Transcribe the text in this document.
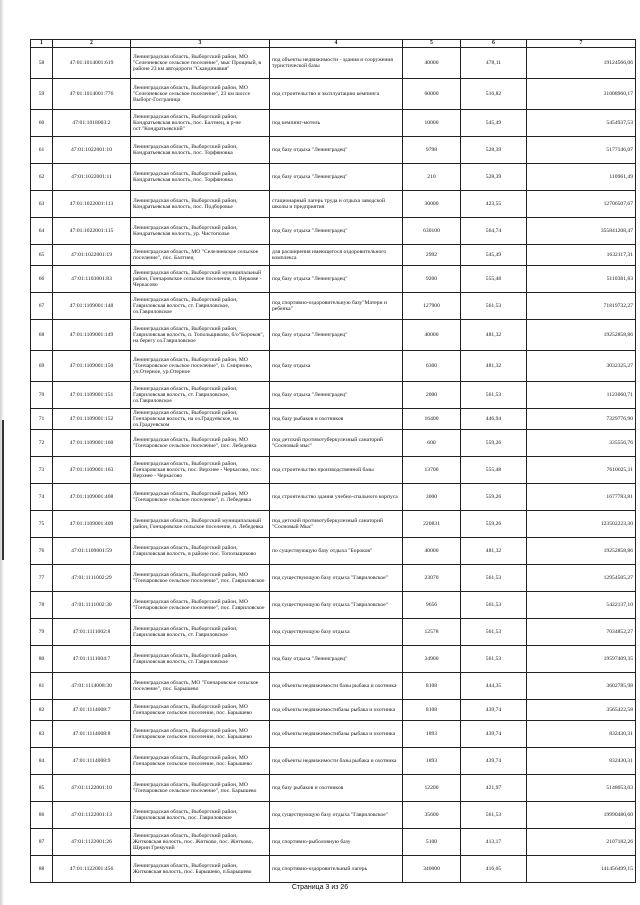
1	2	3	4	5	6	7
58	47:01:1014001:619	Ленинградская область, Выборгский район, МО "Селезневское сельское поселение", мыс Прощный, в районе 23 км автодороги "Скандинавия"	под объекты недвижимости - здания и сооружения туристической базы	40000	478,11	19124566,06
59	47:01:1014001:776	Ленинградская область, Выборгский район, МО "Селезневское сельское поселение", 23 км шоссе Выборг-Госграница	под строительство и эксплуатацию кемпинга	60000	516,82	31008960,17
60	47:01:1018003:2	Ленинградская область, Выборгский район, Кондратьевская волость, пос. Балтиец, в р-не ост."Кондратьевский"	под кемпинг-мотель	10000	545,49	5454937,53
61	47:01:1022001:10	Ленинградская область, Выборгский район, Кондратьевская волость, пос. Торфяновка	под базу отдыха "Ленинградец"	9798	528,39	5177146,07
62	47:01:1022001:11	Ленинградская область, Выборгский район, Кондратьевская волость, пос. Торфяновка	под базу отдыха "Ленинградец"	210	528,39	110961,49
63	47:01:1022001:113	Ленинградская область, Выборгский район, Кондратьевская волость, пос. Подборовье	стационарный лагерь труда и отдыха заводской школы и предприятия	30000	423,55	12706507,67
64	47:01:1022001:115	Ленинградская область, Выборгский район, Кондратьевская волость, ур. Чистополье	под базу отдыха "Ленинградец"	630100	564,74	355841208,47
65	47:01:1022001:19	Ленинградская область, МО "Селезневское сельское поселение", пос. Балтиец	для расширения имеющегося оздоровительного комплекса	2992	545,49	1632117,31
66	47:01:1103001:83	Ленинградская область, Выборгский муниципальный район, Гончаровское сельское поселение, п. Веркове - Черкасово	под базу отдыха "Ленинградец"	9200	555,48	5110381,83
67	47:01:1109001:148	Ленинградская область, Выборгский район, Гавриловская волость, ст. Гавриловское, оз.Гавриловское	под спортивно-оздоровительную базу"Матери и ребенка"	127900	561,53	71819732,27
68	47:01:1109001:149	Ленинградская область, Выборгский район, Гавриловская волость, п. Топольщиково, б/о"Бороков", на берегу оз.Гавриловское	под базу отдыха "Ленинградец"	40000	481,32	19252858,86
69	47:01:1109001:150	Ленинградская область, Выборгский район, МО "Гончаровское сельское поселение", п. Смирново, уч.Отерное, ур.Отерное	под базу отдыха	6300	481,32	3032325,27
70	47:01:1109001:151	Ленинградская область, Выборгский район, Гавриловская волость, ст. Гавриловское, оз.Гавриловское	под базу отдыха "Ленинградец"	2000	561,53	1123060,71
71	47:01:1109001:152	Ленинградская область, Выборгский район, Гончаровская волость, на оз.Градуевское, на оз.Градуевском	под базу рыбаков и охотников	16400	446,94	7329776,90
72	47:01:1109001:160	Ленинградская область, Выборгский район, МО "Гончаровское сельское поселение", пос. Лебедевка	под детский противотуберкулезный санаторий "Сосновый мыс"	600	559,26	335556,76
73	47:01:1109001:163	Ленинградская область, Выборгский район, Гончаровская волость, пос. Верхнее - Черкасово, пос. Верхнее - Черкасово	под строительство производственной базы	13700	555,48	7610025,11
74	47:01:1109001:408	Ленинградская область, Выборгский район, МО "Гончаровское сельское поселение", п. Лебедевка	под строительство здания учебно-спального корпуса	3000	559,26	1677783,81
75	47:01:1109001:409	Ленинградская область, Выборгский муниципальный район, Гончаровское сельское поселение, п. Лебедевка	под детский противотуберкулезный санаторий "Сосновый Мыс"	220831	559,26	123502223,30
76	47:01:1109001:59	Ленинградская область, Выборгский район, Гавриловская волость, в районе пос. Топольщиково	по существующую базу отдыха "Бороков"	40000	481,32	19252858,86
77	47:01:1111002:29	Ленинградская область, Выборгский район, МО "Гончаровское сельское поселение", пос. Гавриловское	под существующую базу отдыха "Гавриловское"	23070	561,53	12954505,27
78	47:01:1111002:30	Ленинградская область, Выборгский район, МО "Гончаровское сельское поселение", пос. Гавриловское	под существующую базу отдыха "Гавриловское"	9656	561,53	5422137,10
79	47:01:1111002:8	Ленинградская область, Выборгский район, Гавриловская волость, ст. Гавриловское	под существующую базу отдыха	12578	561,53	7034852,27
80	47:01:1111004:7	Ленинградская область, Выборгский район, Гавриловская волость, ст. Гавриловское	под базу отдыха "Ленинградец"	34900	561,53	19597409,35
81	47:01:1114008:30	Ленинградская область, МО "Гончаровское сельское поселение", пос. Барышево	под объекты недвижимости базы рыбака и охотника	8108	444,35	3602785,98
82	47:01:1114008:7	Ленинградская область, Выборгский район, МО Гончаровское сельское поселение, пос. Барышево	под объекты недвижимостибазы рыбака и охотника	8108	439,74	3565422,58
83	47:01:1114008:8	Ленинградская область, Выборгский район, МО Гончаровское сельское поселение, пос. Барышево	под объекты недвижимостибазы рыбака и охотника	1893	439,74	832430,31
84	47:01:1114008:9	Ленинградская область, Выборгский район, МО Гончаровское сельское поселение, пос. Барышево	под объекты недвижимости базы рыбака и охотника	1893	439,74	832430,31
85	47:01:1122001:10	Ленинградская область, Выборгский район, МО "Гончаровское сельское поселение", пос. Барышево	под базу рыбаков и охотников	12200	421,97	5148053,03
86	47:01:1122001:13	Ленинградская область, Выборгский район, Гавриловская волость, пос. Гавриловское	под существующую базу отдыха "Гавриловское"	35600	561,53	19990480,60
87	47:01:1122001:26	Ленинградская область, Выборгский район, Житковская волость, пос. Житково, пос. Житково, Щерин Гремучий	под спортивно-рыболовную базу	5100	413,17	2107182,26
88	47:01:1122001:456	Ленинградская область, Выборгский район, Житковская волость, пос. Барышево, п.Барышево	под спортивно-оздоровительный лагерь	340000	416,05	141456499,15
Страница 3 из 26
